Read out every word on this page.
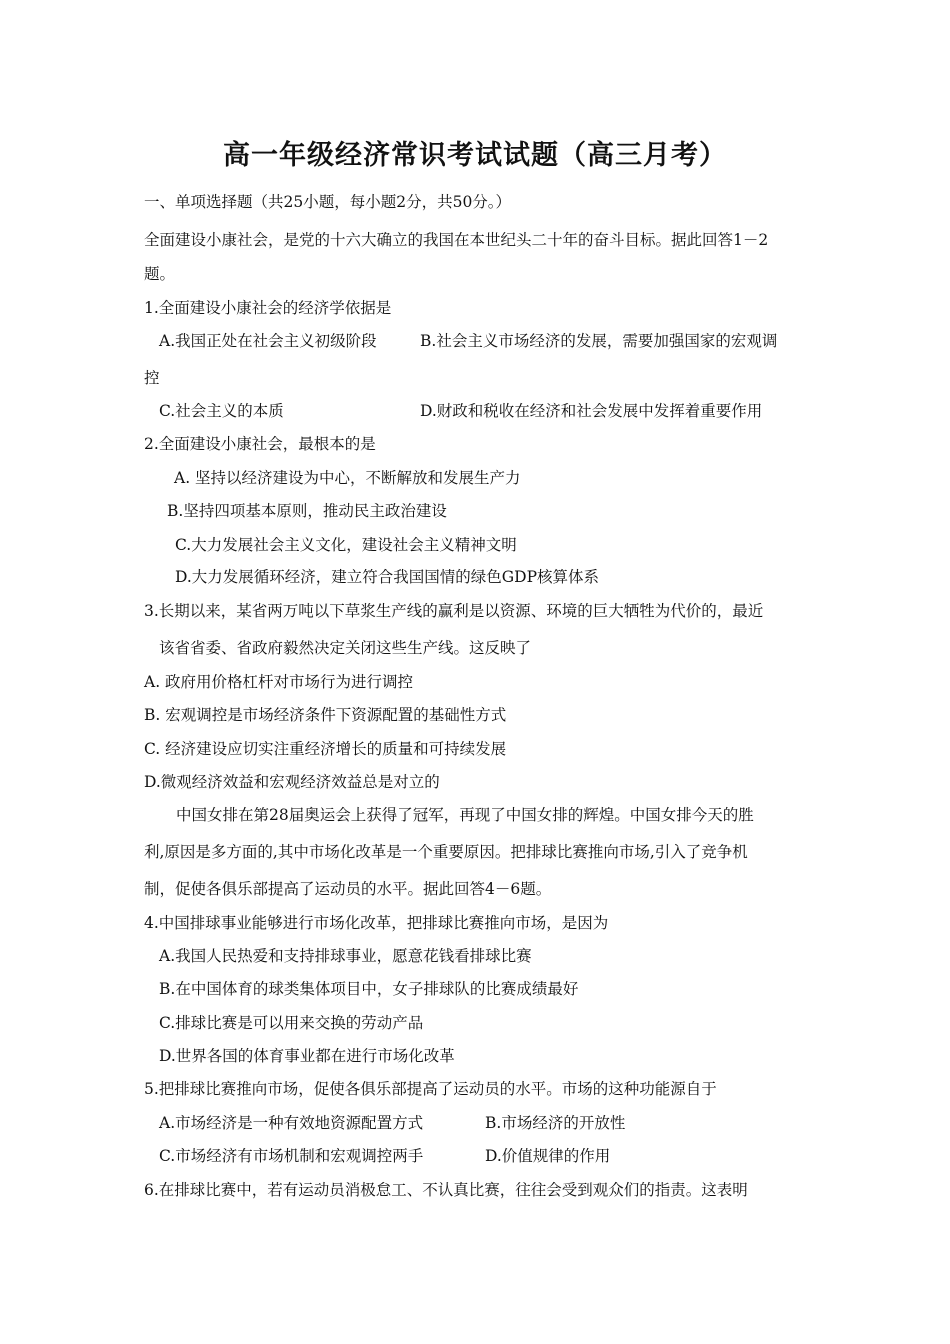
高一年级经济常识考试试题（高三月考）
一、单项选择题（共25小题，每小题2分，共50分。）
全面建设小康社会，是党的十六大确立的我国在本世纪头二十年的奋斗目标。据此回答1－2
题。
1.全面建设小康社会的经济学依据是
A.我国正处在社会主义初级阶段	B.社会主义市场经济的发展，需要加强国家的宏观调
控
C.社会主义的本质	D.财政和税收在经济和社会发展中发挥着重要作用
2.全面建设小康社会，最根本的是
A. 坚持以经济建设为中心，不断解放和发展生产力
B.坚持四项基本原则，推动民主政治建设
C.大力发展社会主义文化，建设社会主义精神文明
D.大力发展循环经济，建立符合我国国情的绿色GDP核算体系
3.长期以来，某省两万吨以下草浆生产线的赢利是以资源、环境的巨大牺牲为代价的，最近
该省省委、省政府毅然决定关闭这些生产线。这反映了
A. 政府用价格杠杆对市场行为进行调控
B. 宏观调控是市场经济条件下资源配置的基础性方式
C. 经济建设应切实注重经济增长的质量和可持续发展
D.微观经济效益和宏观经济效益总是对立的
中国女排在第28届奥运会上获得了冠军，再现了中国女排的辉煌。中国女排今天的胜
利,原因是多方面的,其中市场化改革是一个重要原因。把排球比赛推向市场,引入了竞争机
制，促使各俱乐部提高了运动员的水平。据此回答4－6题。
4.中国排球事业能够进行市场化改革，把排球比赛推向市场，是因为
A.我国人民热爱和支持排球事业，愿意花钱看排球比赛
B.在中国体育的球类集体项目中，女子排球队的比赛成绩最好
C.排球比赛是可以用来交换的劳动产品
D.世界各国的体育事业都在进行市场化改革
5.把排球比赛推向市场，促使各俱乐部提高了运动员的水平。市场的这种功能源自于
A.市场经济是一种有效地资源配置方式	B.市场经济的开放性
C.市场经济有市场机制和宏观调控两手	D.价值规律的作用
6.在排球比赛中，若有运动员消极怠工、不认真比赛，往往会受到观众们的指责。这表明
